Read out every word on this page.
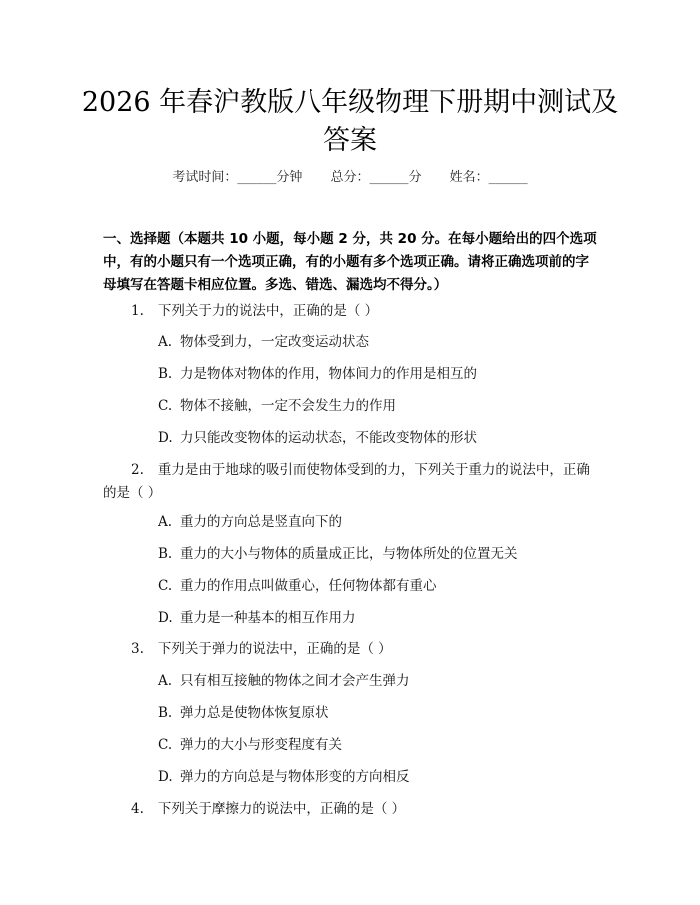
2026 年春沪教版八年级物理下册期中测试及
答案
考试时间：______分钟 总分：______分 姓名：______
一、选择题（本题共 10 小题，每小题 2 分，共 20 分。在每小题给出的四个选项中，有的小题只有一个选项正确，有的小题有多个选项正确。请将正确选项前的字母填写在答题卡相应位置。多选、错选、漏选均不得分。）
1. 下列关于力的说法中，正确的是（ ）
A. 物体受到力，一定改变运动状态
B. 力是物体对物体的作用，物体间力的作用是相互的
C. 物体不接触，一定不会发生力的作用
D. 力只能改变物体的运动状态，不能改变物体的形状
2. 重力是由于地球的吸引而使物体受到的力，下列关于重力的说法中，正确的是（ ）
A. 重力的方向总是竖直向下的
B. 重力的大小与物体的质量成正比，与物体所处的位置无关
C. 重力的作用点叫做重心，任何物体都有重心
D. 重力是一种基本的相互作用力
3. 下列关于弹力的说法中，正确的是（ ）
A. 只有相互接触的物体之间才会产生弹力
B. 弹力总是使物体恢复原状
C. 弹力的大小与形变程度有关
D. 弹力的方向总是与物体形变的方向相反
4. 下列关于摩擦力的说法中，正确的是（ ）
